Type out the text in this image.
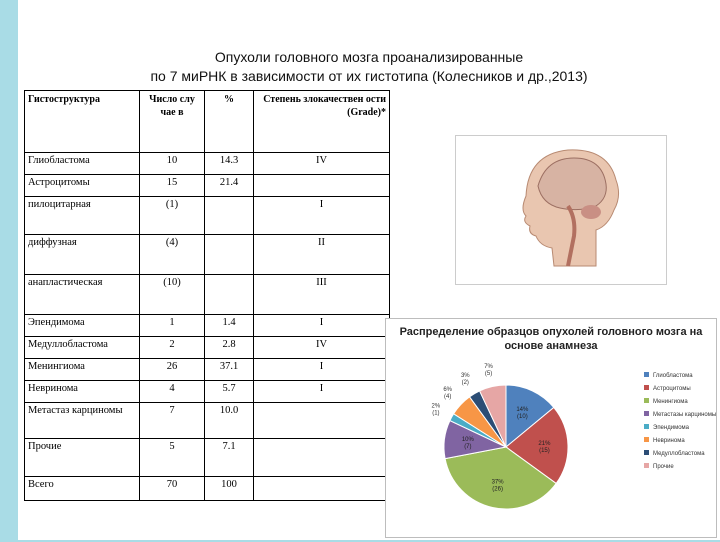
Опухоли головного мозга проанализированные
по 7 миРНК в зависимости от их гистотипа (Колесников и др.,2013)
Гистоструктура	Число слу чае в	%	Степень злокачествен ости (Grade)*
Глиобластома	10	14.3	IV
Астроцитомы	15	21.4	
пилоцитарная	(1)		I
диффузная	(4)		II
анапластическая	(10)		III
Эпендимома	1	1.4	I
Медуллобластома	2	2.8	IV
Менингиома	26	37.1	I
Невринома	4	5.7	I
Метастаз карциномы	7	10.0	
Прочие	5	7.1	
Всего	70	100	
Распределение образцов опухолей головного мозга на основе анамнеза
14%
(10)
21%
(15)
37%
(26)
10%
(7)
2%
(1)
6%
(4)
3%
(2)
7%
(5)	Глиобластома
Астроцитомы
Менингиома
Метастазы карциномы
Эпендимома
Невринома
Медуллобластома
Прочие
